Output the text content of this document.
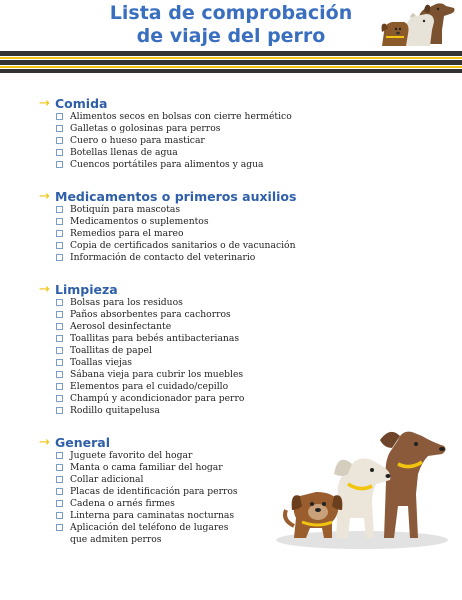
Lista de comprobación
de viaje del perro
→ Comida
Alimentos secos en bolsas con cierre hermético
Galletas o golosinas para perros
Cuero o hueso para masticar
Botellas llenas de agua
Cuencos portátiles para alimentos y agua
→ Medicamentos o primeros auxilios
Botiquín para mascotas
Medicamentos o suplementos
Remedios para el mareo
Copia de certificados sanitarios o de vacunación
Información de contacto del veterinario
→ Limpieza
Bolsas para los residuos
Paños absorbentes para cachorros
Aerosol desinfectante
Toallitas para bebés antibacterianas
Toallitas de papel
Toallas viejas
Sábana vieja para cubrir los muebles
Elementos para el cuidado/cepillo
Champú y acondicionador para perro
Rodillo quitapelusa
→ General
Juguete favorito del hogar
Manta o cama familiar del hogar
Collar adicional
Placas de identificación para perros
Cadena o arnés firmes
Linterna para caminatas nocturnas
Aplicación del teléfono de lugares
que admiten perros
